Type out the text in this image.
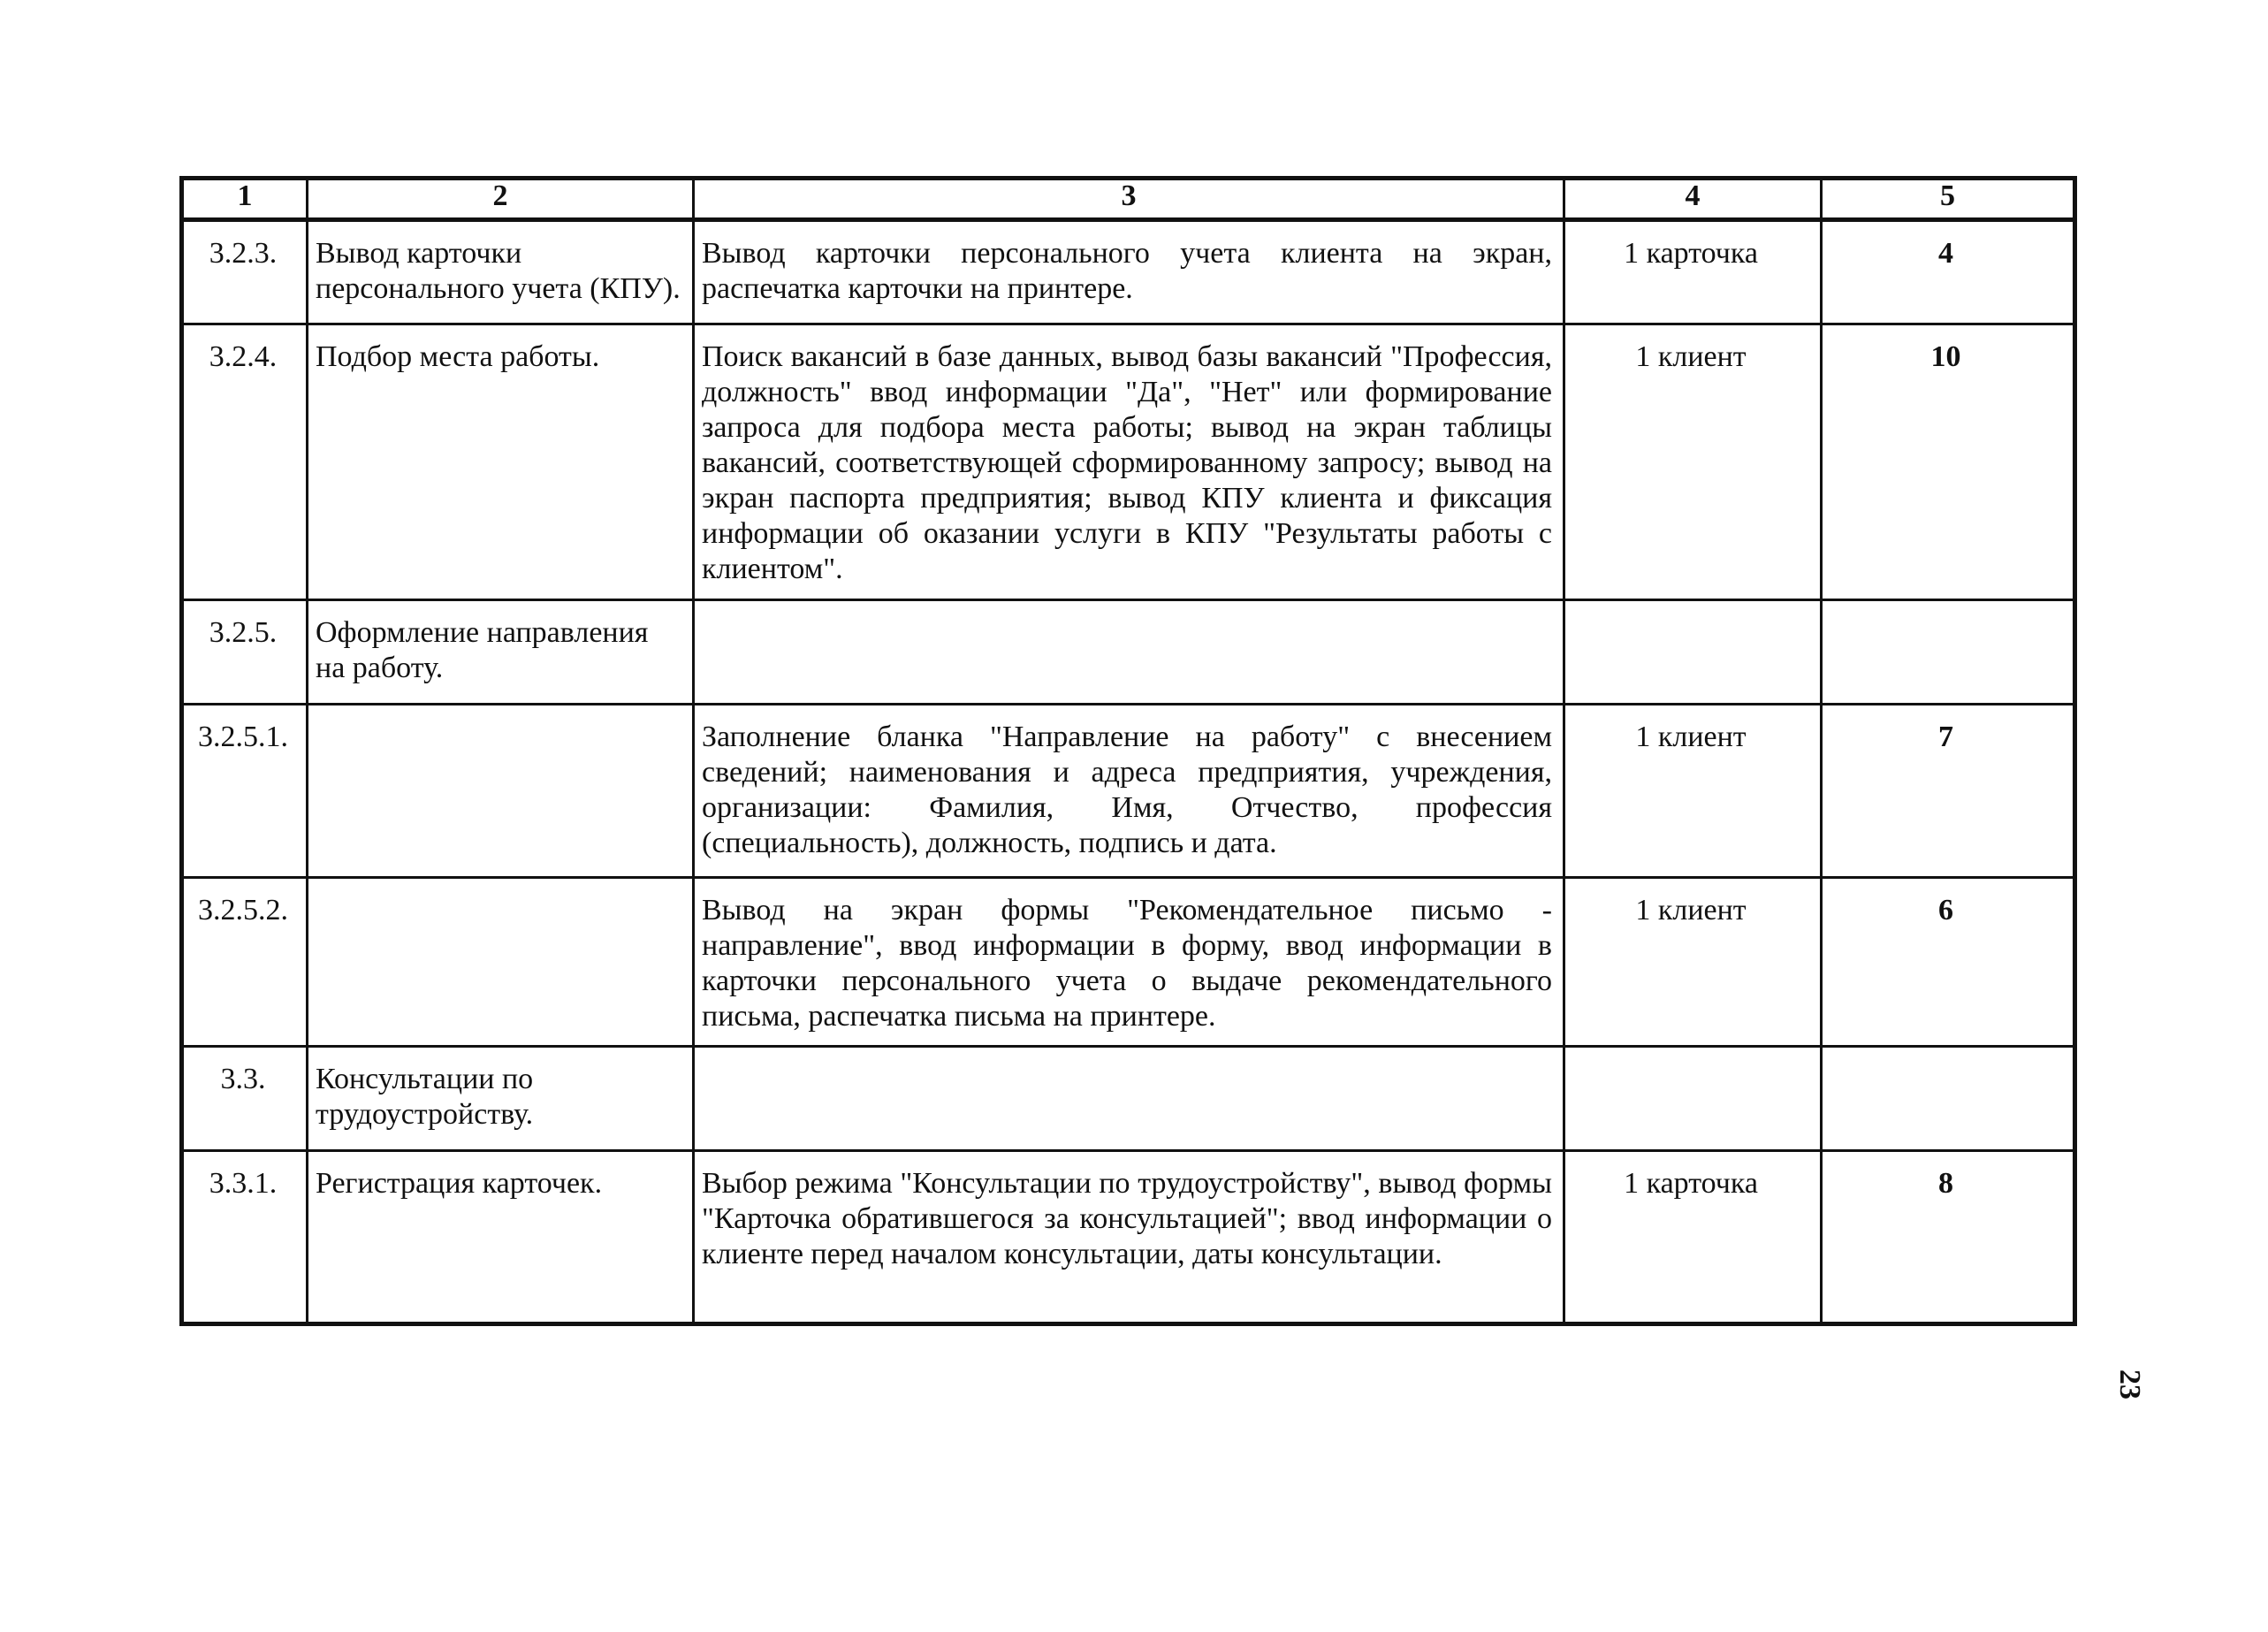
1	2	3	4	5
3.2.3.	Вывод карточки персонального учета (КПУ).	Вывод карточки персонального учета клиента на экран, распечатка карточки на принтере.	1 карточка	4
3.2.4.	Подбор места работы.	Поиск вакансий в базе данных, вывод базы вакансий "Профессия, должность" ввод информации "Да", "Нет" или формирование запроса для подбора места работы; вывод на экран таблицы вакансий, соответствующей сформированному запросу; вывод на экран паспорта предприятия; вывод КПУ клиента и фиксация информации об оказании услуги в КПУ "Результаты работы с клиентом".	1 клиент	10
3.2.5.	Оформление направления на работу.			
3.2.5.1.		Заполнение бланка "Направление на работу" с внесением сведений; наименования и адреса предприятия, учреждения, организации: Фамилия, Имя, Отчество, профессия (специальность), должность, подпись и дата.	1 клиент	7
3.2.5.2.		Вывод на экран формы "Рекомендательное письмо - направление", ввод информации в форму, ввод информации в карточки персонального учета о выдаче рекомендательного письма, распечатка письма на принтере.	1 клиент	6
3.3.	Консультации по трудоустройству.			
3.3.1.	Регистрация карточек.	Выбор режима "Консультации по трудоустройству", вывод формы "Карточка обратившегося за консультацией"; ввод информации о клиенте перед началом консультации, даты консультации.	1 карточка	8
23
